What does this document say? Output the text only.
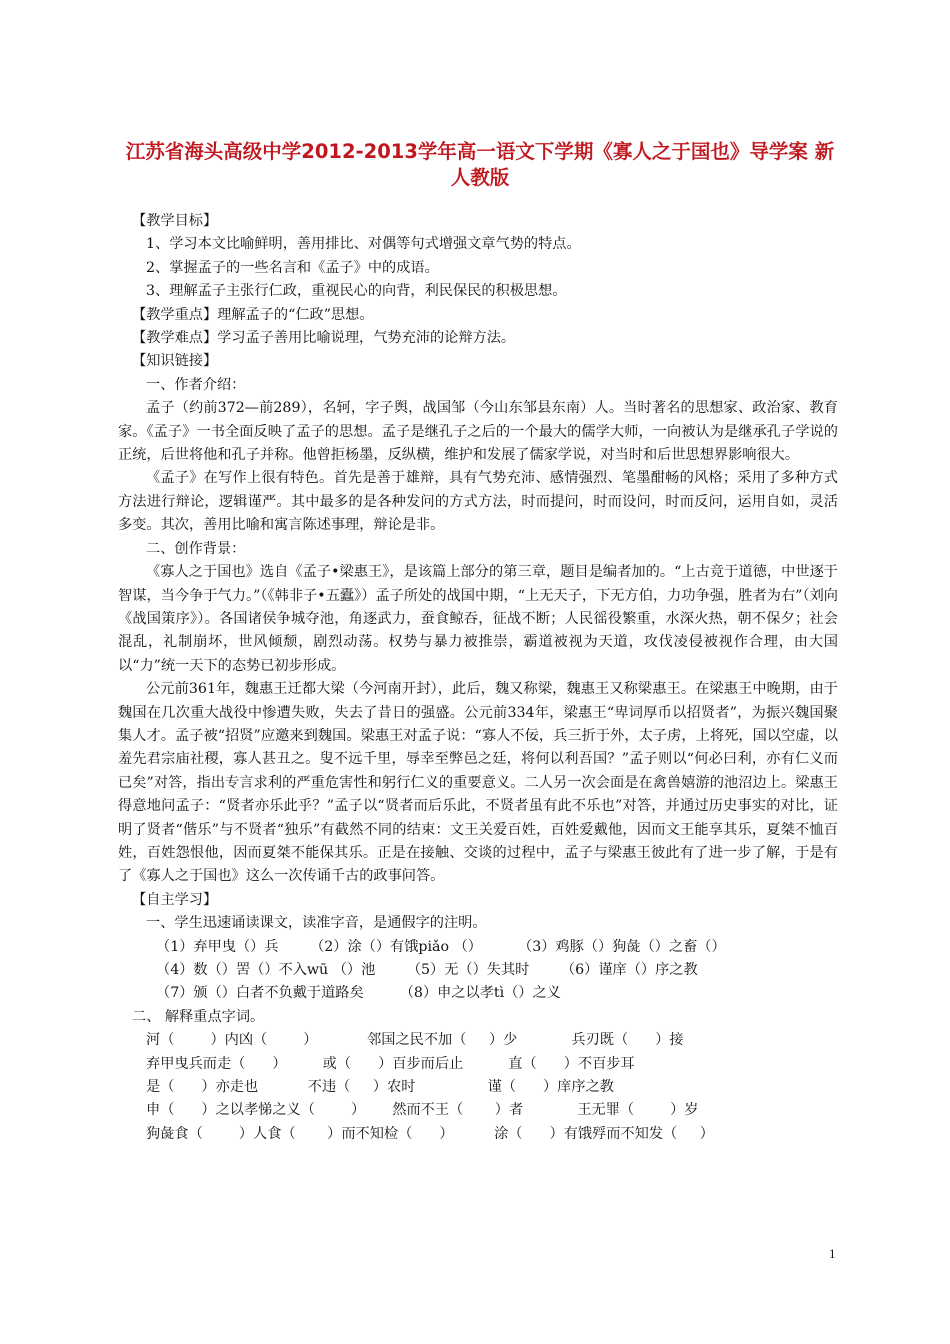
江苏省海头高级中学2012-2013学年高一语文下学期《寡人之于国也》导学案 新人教版

【教学目标】

1、学习本文比喻鲜明，善用排比、对偶等句式增强文章气势的特点。

2、掌握孟子的一些名言和《孟子》中的成语。

3、理解孟子主张行仁政，重视民心的向背，利民保民的积极思想。

【教学重点】理解孟子的“仁政”思想。

【教学难点】学习孟子善用比喻说理，气势充沛的论辩方法。

【知识链接】

一、作者介绍：

孟子（约前372—前289），名轲，字子舆，战国邹（今山东邹县东南）人。当时著名的思想家、政治家、教育家。《孟子》一书全面反映了孟子的思想。孟子是继孔子之后的一个最大的儒学大师，一向被认为是继承孔子学说的正统，后世将他和孔子并称。他曾拒杨墨，反纵横，维护和发展了儒家学说，对当时和后世思想界影响很大。

《孟子》在写作上很有特色。首先是善于雄辩，具有气势充沛、感情强烈、笔墨酣畅的风格；采用了多种方式方法进行辩论，逻辑谨严。其中最多的是各种发问的方式方法，时而提问，时而设问，时而反问，运用自如，灵活多变。其次，善用比喻和寓言陈述事理，辩论是非。

二、创作背景：

《寡人之于国也》选自《孟子•梁惠王》，是该篇上部分的第三章，题目是编者加的。“上古竞于道德，中世逐于智谋，当今争于气力。”（《韩非子•五蠹》）孟子所处的战国中期，“上无天子，下无方伯，力功争强，胜者为右”（刘向《战国策序》）。各国诸侯争城夺池，角逐武力，蚕食鲸吞，征战不断；人民徭役繁重，水深火热，朝不保夕；社会混乱，礼制崩坏，世风倾颓，剧烈动荡。权势与暴力被推崇，霸道被视为天道，攻伐凌侵被视作合理，由大国以“力”统一天下的态势已初步形成。

公元前361年，魏惠王迁都大梁（今河南开封），此后，魏又称梁，魏惠王又称梁惠王。在梁惠王中晚期，由于魏国在几次重大战役中惨遭失败，失去了昔日的强盛。公元前334年，梁惠王“卑词厚币以招贤者”，为振兴魏国聚集人才。孟子被“招贤”应邀来到魏国。梁惠王对孟子说：“寡人不佞，兵三折于外，太子虏，上将死，国以空虚，以羞先君宗庙社稷，寡人甚丑之。叟不远千里，辱幸至弊邑之廷，将何以利吾国？”孟子则以“何必曰利，亦有仁义而已矣”对答，指出专言求利的严重危害性和躬行仁义的重要意义。二人另一次会面是在禽兽嬉游的池沼边上。梁惠王得意地问孟子：“贤者亦乐此乎？”孟子以“贤者而后乐此，不贤者虽有此不乐也”对答，并通过历史事实的对比，证明了贤者“偕乐”与不贤者“独乐”有截然不同的结束：文王关爱百姓，百姓爱戴他，因而文王能享其乐，夏桀不恤百姓，百姓怨恨他，因而夏桀不能保其乐。正是在接触、交谈的过程中，孟子与梁惠王彼此有了进一步了解，于是有了《寡人之于国也》这么一次传诵千古的政事问答。

【自主学习】

一、学生迅速诵读课文，读准字音，是通假字的注明。

（1）弃甲曳（）兵       （2）涂（）有饿piǎo （）        （3）鸡豚（）狗彘（）之畜（）

（4）数（）罟（）不入wū （）池       （5）无（）失其时       （6）谨庠（）序之教

（7）颁（）白者不负戴于道路矣        （8）申之以孝tì（）之义

二、 解释重点字词。

河（        ）内凶（        ）           邻国之民不加（     ）少            兵刃既（      ）接

弃甲曳兵而走（      ）        或（      ）百步而后止          直（      ）不百步耳

是（      ）亦走也           不违（     ）农时                谨（      ）庠序之教

申（      ）之以孝悌之义（        ）      然而不王（       ）者            王无罪（        ）岁

狗彘食（        ）人食（       ）而不知检（      ）         涂（      ）有饿殍而不知发（     ）

1
